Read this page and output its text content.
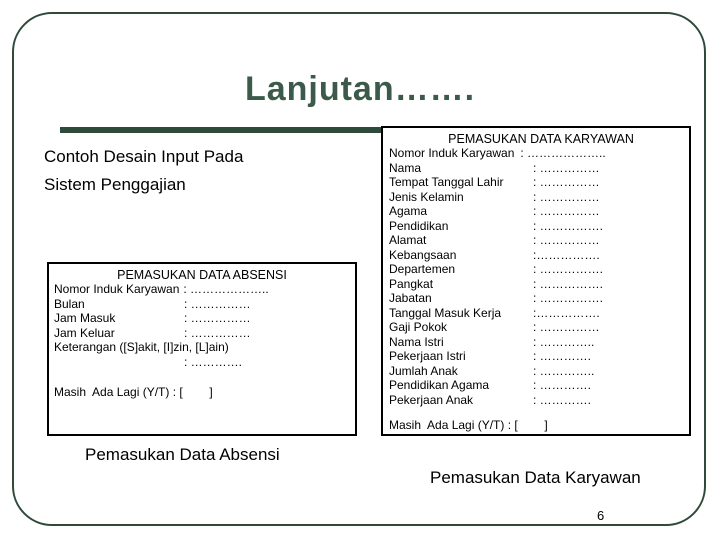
Lanjutan…….
Contoh Desain Input Pada
Sistem Penggajian
PEMASUKAN DATA ABSENSI
Nomor Induk Karyawan : ………………..
Bulan	: ……………
Jam Masuk	: ……………
Jam Keluar	: ……………
Keterangan ([S]akit, [I]zin, [L]ain)
: ………….
Masih  Ada Lagi (Y/T) : [        ]
PEMASUKAN DATA KARYAWAN
Nomor Induk Karyawan : ………………..
Nama	: ……………
Tempat Tanggal Lahir	: ……………
Jenis Kelamin	: ……………
Agama	: ……………
Pendidikan	: …………….
Alamat	: ……………
Kebangsaan	:…………….
Departemen	: …………….
Pangkat	: …………….
Jabatan	: …………….
Tanggal Masuk Kerja	:…………….
Gaji Pokok	: ……………
Nama Istri	: …………..
Pekerjaan Istri	: ………….
Jumlah Anak	: …………..
Pendidikan Agama	: ………….
Pekerjaan Anak	: ………….
Masih  Ada Lagi (Y/T) : [        ]
Pemasukan Data Absensi
Pemasukan Data Karyawan
6
